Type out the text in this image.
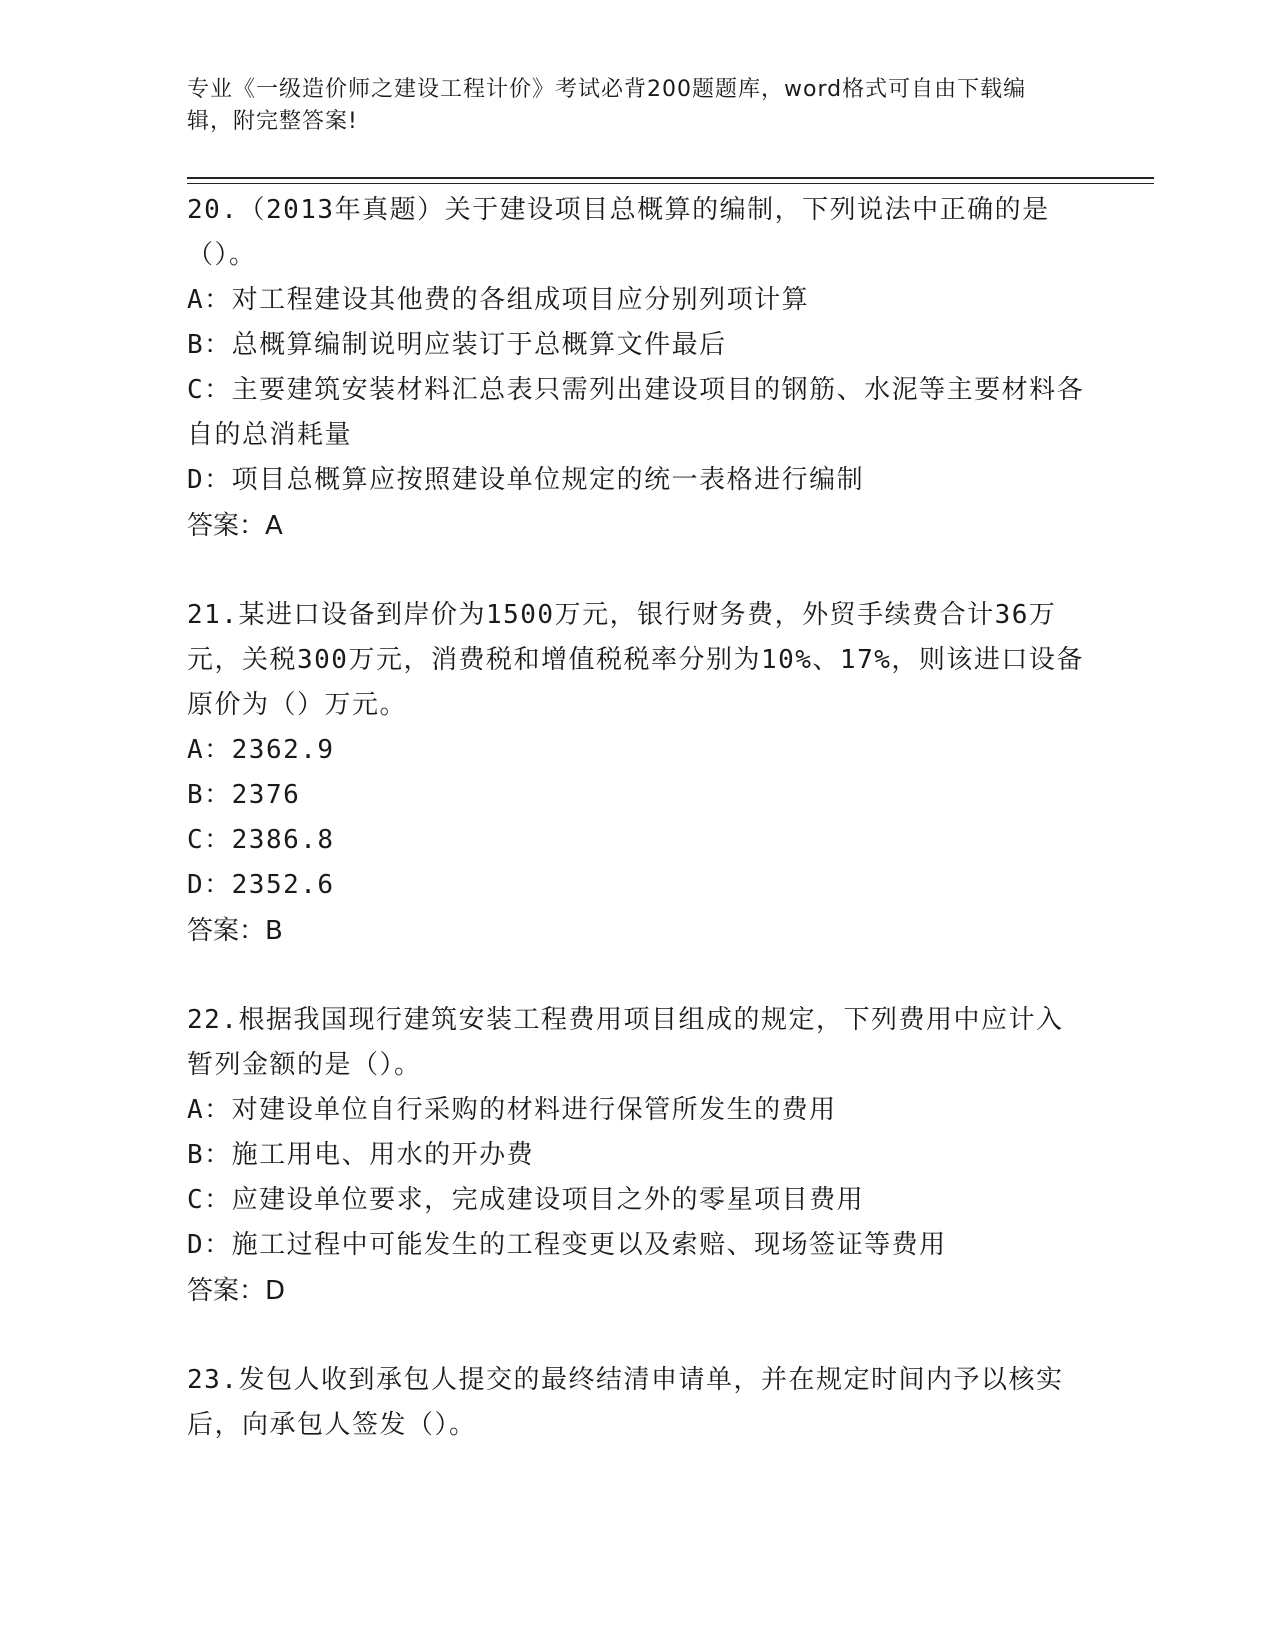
专业《一级造价师之建设工程计价》考试必背200题题库，word格式可自由下载编辑，附完整答案!

20.（2013年真题）关于建设项目总概算的编制，下列说法中正确的是（）。

A：对工程建设其他费的各组成项目应分别列项计算

B：总概算编制说明应装订于总概算文件最后

C：主要建筑安装材料汇总表只需列出建设项目的钢筋、水泥等主要材料各自的总消耗量

D：项目总概算应按照建设单位规定的统一表格进行编制

答案：A

21.某进口设备到岸价为1500万元，银行财务费，外贸手续费合计36万元，关税300万元，消费税和增值税税率分别为10%、17%，则该进口设备原价为（）万元。

A：2362.9

B：2376

C：2386.8

D：2352.6

答案：B

22.根据我国现行建筑安装工程费用项目组成的规定，下列费用中应计入暂列金额的是（）。

A：对建设单位自行采购的材料进行保管所发生的费用

B：施工用电、用水的开办费

C：应建设单位要求，完成建设项目之外的零星项目费用

D：施工过程中可能发生的工程变更以及索赔、现场签证等费用

答案：D

23.发包人收到承包人提交的最终结清申请单，并在规定时间内予以核实后，向承包人签发（）。
